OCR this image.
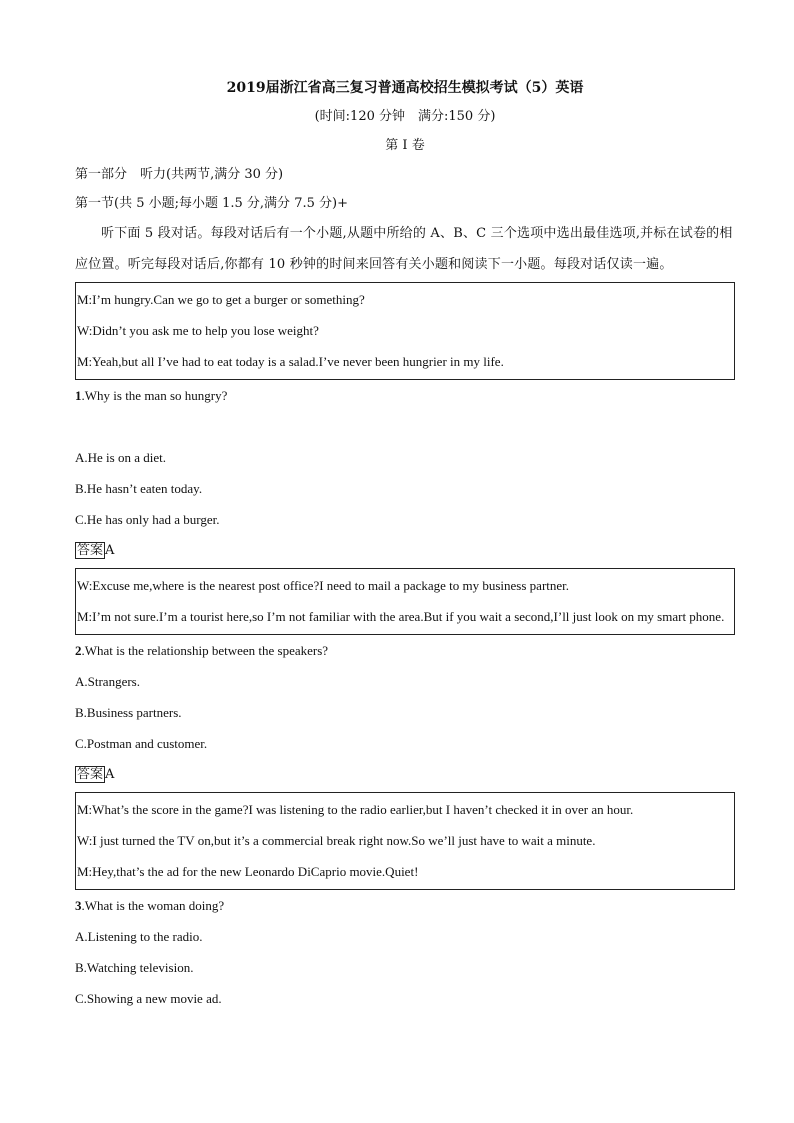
2019届浙江省高三复习普通高校招生模拟考试（5）英语
(时间:120 分钟　满分:150 分)
第 I 卷
第一部分　听力(共两节,满分 30 分)
第一节(共 5 小题;每小题 1.5 分,满分 7.5 分)+
听下面 5 段对话。每段对话后有一个小题,从题中所给的 A、B、C 三个选项中选出最佳选项,并标在试卷的相应位置。听完每段对话后,你都有 10 秒钟的时间来回答有关小题和阅读下一小题。每段对话仅读一遍。
M:I’m hungry.Can we go to get a burger or something?
W:Didn’t you ask me to help you lose weight?
M:Yeah,but all I’ve had to eat today is a salad.I’ve never been hungrier in my life.
1.Why is the man so hungry?
A.He is on a diet.
B.He hasn’t eaten today.
C.He has only had a burger.
答案 A
W:Excuse me,where is the nearest post office?I need to mail a package to my business partner.
M:I’m not sure.I’m a tourist here,so I’m not familiar with the area.But if you wait a second,I’ll just look on my smart phone.
2.What is the relationship between the speakers?
A.Strangers.
B.Business partners.
C.Postman and customer.
答案 A
M:What’s the score in the game?I was listening to the radio earlier,but I haven’t checked it in over an hour.
W:I just turned the TV on,but it’s a commercial break right now.So we’ll just have to wait a minute.
M:Hey,that’s the ad for the new Leonardo DiCaprio movie.Quiet!
3.What is the woman doing?
A.Listening to the radio.
B.Watching television.
C.Showing a new movie ad.
